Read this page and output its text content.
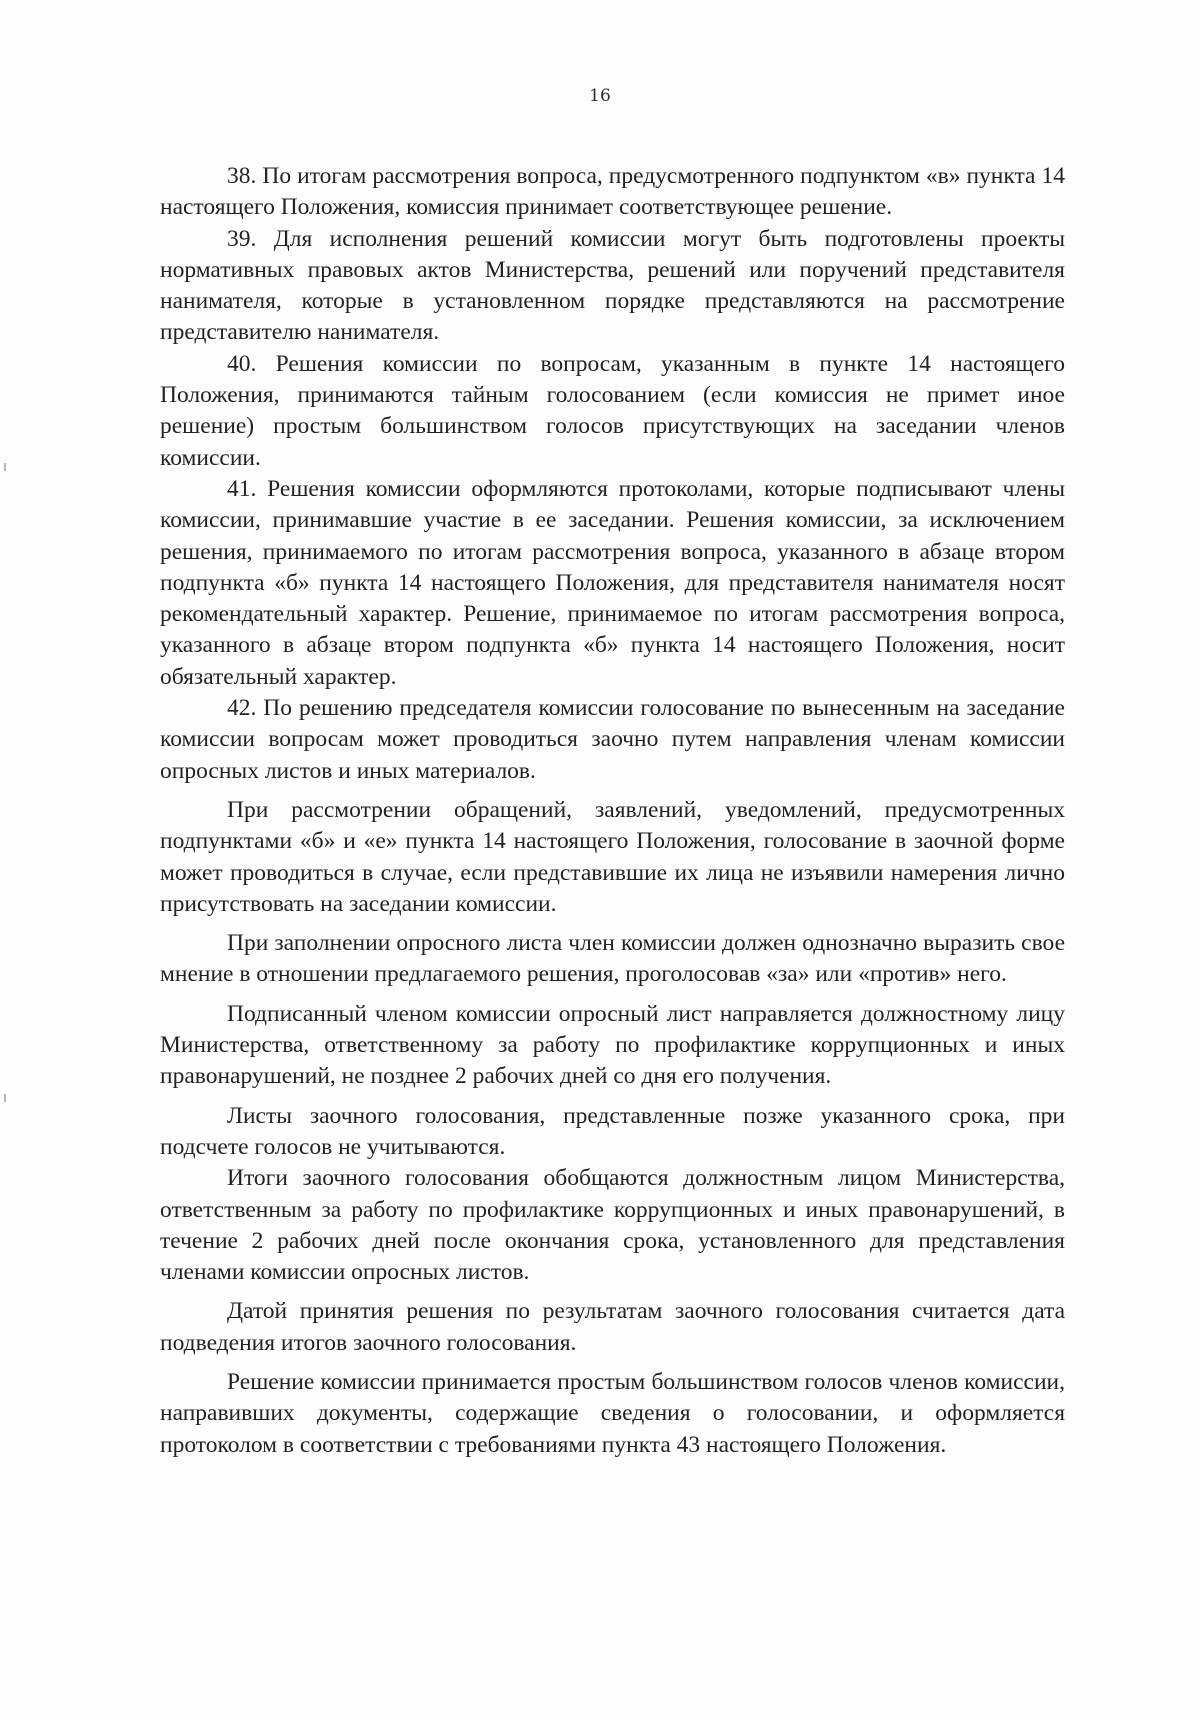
16

38. По итогам рассмотрения вопроса, предусмотренного подпунктом «в» пункта 14 настоящего Положения, комиссия принимает соответствующее решение.

39. Для исполнения решений комиссии могут быть подготовлены проекты нормативных правовых актов Министерства, решений или поручений представителя нанимателя, которые в установленном порядке представляются на рассмотрение представителю нанимателя.

40. Решения комиссии по вопросам, указанным в пункте 14 настоящего Положения, принимаются тайным голосованием (если комиссия не примет иное решение) простым большинством голосов присутствующих на заседании членов комиссии.

41. Решения комиссии оформляются протоколами, которые подписывают члены комиссии, принимавшие участие в ее заседании. Решения комиссии, за исключением решения, принимаемого по итогам рассмотрения вопроса, указанного в абзаце втором подпункта «б» пункта 14 настоящего Положения, для представителя нанимателя носят рекомендательный характер. Решение, принимаемое по итогам рассмотрения вопроса, указанного в абзаце втором подпункта «б» пункта 14 настоящего Положения, носит обязательный характер.

42. По решению председателя комиссии голосование по вынесенным на заседание комиссии вопросам может проводиться заочно путем направления членам комиссии опросных листов и иных материалов.

При рассмотрении обращений, заявлений, уведомлений, предусмотренных подпунктами «б» и «е» пункта 14 настоящего Положения, голосование в заочной форме может проводиться в случае, если представившие их лица не изъявили намерения лично присутствовать на заседании комиссии.

При заполнении опросного листа член комиссии должен однозначно выразить свое мнение в отношении предлагаемого решения, проголосовав «за» или «против» него.

Подписанный членом комиссии опросный лист направляется должностному лицу Министерства, ответственному за работу по профилактике коррупционных и иных правонарушений, не позднее 2 рабочих дней со дня его получения.

Листы заочного голосования, представленные позже указанного срока, при подсчете голосов не учитываются.

Итоги заочного голосования обобщаются должностным лицом Министерства, ответственным за работу по профилактике коррупционных и иных правонарушений, в течение 2 рабочих дней после окончания срока, установленного для представления членами комиссии опросных листов.

Датой принятия решения по результатам заочного голосования считается дата подведения итогов заочного голосования.

Решение комиссии принимается простым большинством голосов членов комиссии, направивших документы, содержащие сведения о голосовании, и оформляется протоколом в соответствии с требованиями пункта 43 настоящего Положения.
